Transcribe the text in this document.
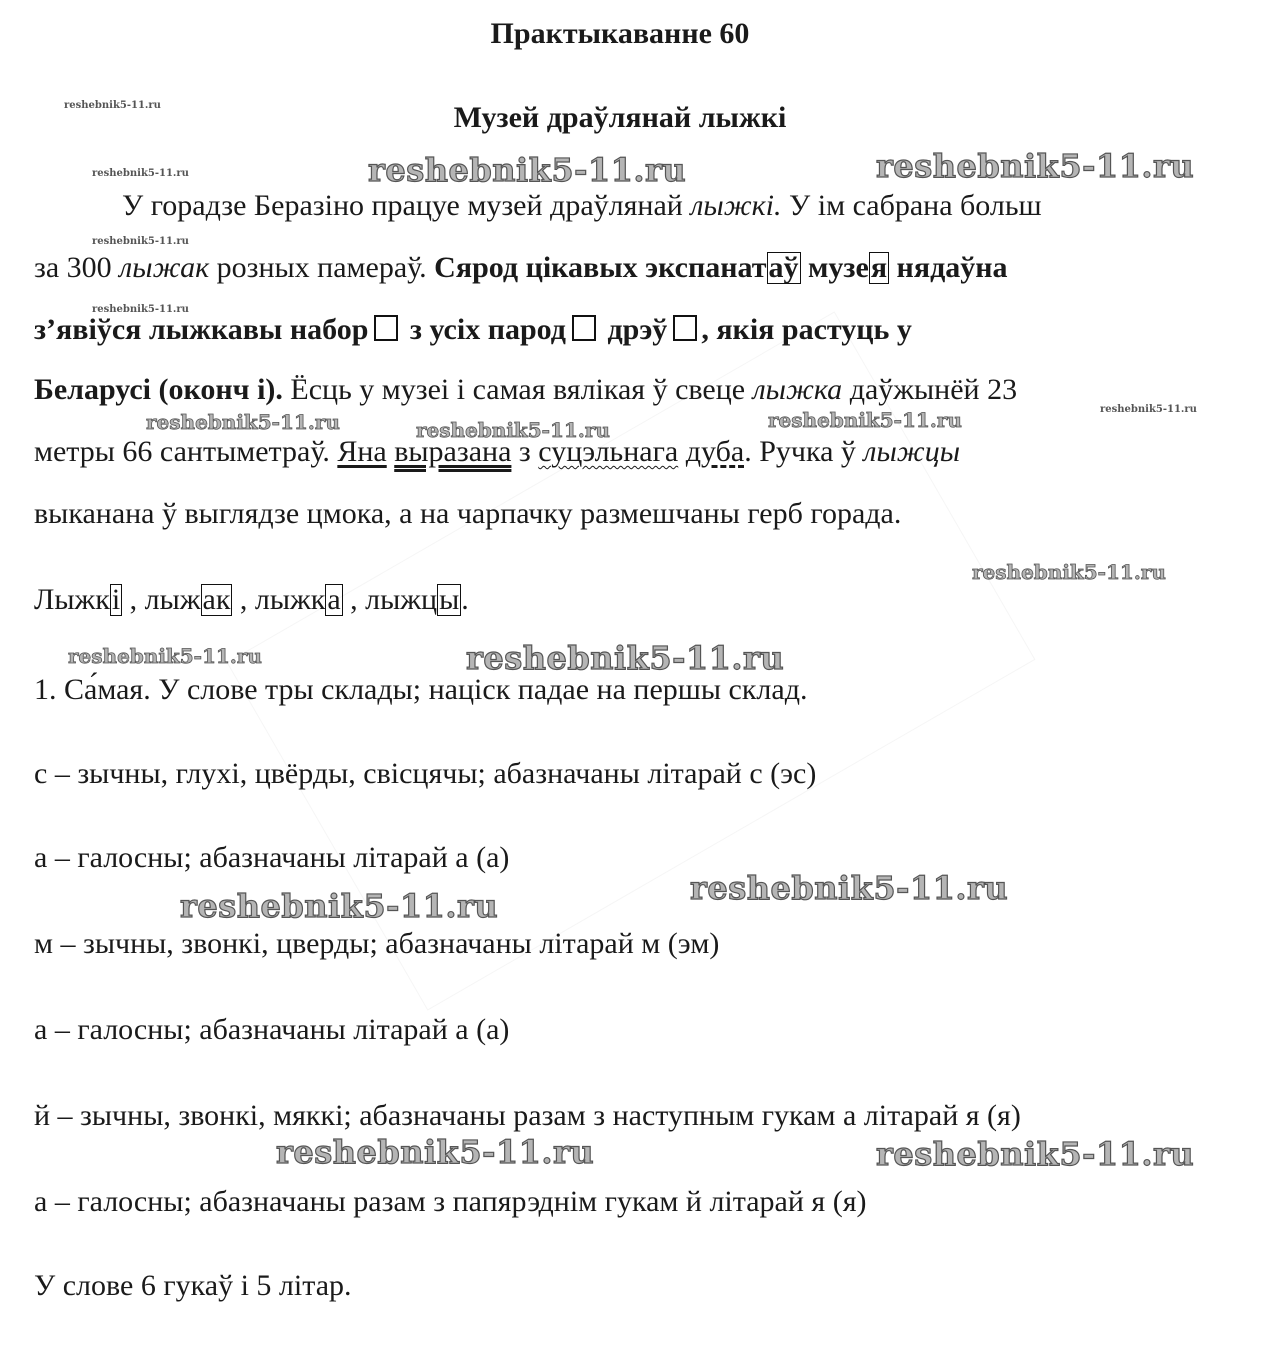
Практыкаванне 60
Музей драўлянай лыжкі
У горадзе Беразіно працуе музей драўлянай лыжкі. У ім сабрана больш
за 300 лыжак розных памераў. Сярод цікавых экспанатаў музея нядаўна
з’явіўся лыжкавы набор з усіх парод дрэў , якія растуць у
Беларусі (оконч і). Ёсць у музеі і самая вялікая ў свеце лыжка даўжынёй 23
метры 66 сантыметраў. Яна выразана з суцэльнага дуба. Ручка ў лыжцы
выканана ў выглядзе цмока, а на чарпачку размешчаны герб горада.
Лыжкі , лыжак , лыжка , лыжцы.
1. Са́мая. У слове тры склады; націск падае на першы склад.
с – зычны, глухі, цвёрды, свісцячы; абазначаны літарай с (эс)
а – галосны; абазначаны літарай а (а)
м – зычны, звонкі, цверды; абазначаны літарай м (эм)
а – галосны; абазначаны літарай а (а)
й – зычны, звонкі, мяккі; абазначаны разам з наступным гукам а літарай я (я)
а – галосны; абазначаны разам з папярэднім гукам й літарай я (я)
У слове 6 гукаў і 5 літар.
reshebnik5-11.ru	reshebnik5-11.ru
reshebnik5-11.ru
reshebnik5-11.ru
reshebnik5-11.ru
reshebnik5-11.ru	reshebnik5-11.ru
reshebnik5-11.ru	reshebnik5-11.ru	reshebnik5-11.ru
reshebnik5-11.ru
reshebnik5-11.ru
reshebnik5-11.ru
reshebnik5-11.ru
reshebnik5-11.ru
reshebnik5-11.ru
reshebnik5-11.ru
